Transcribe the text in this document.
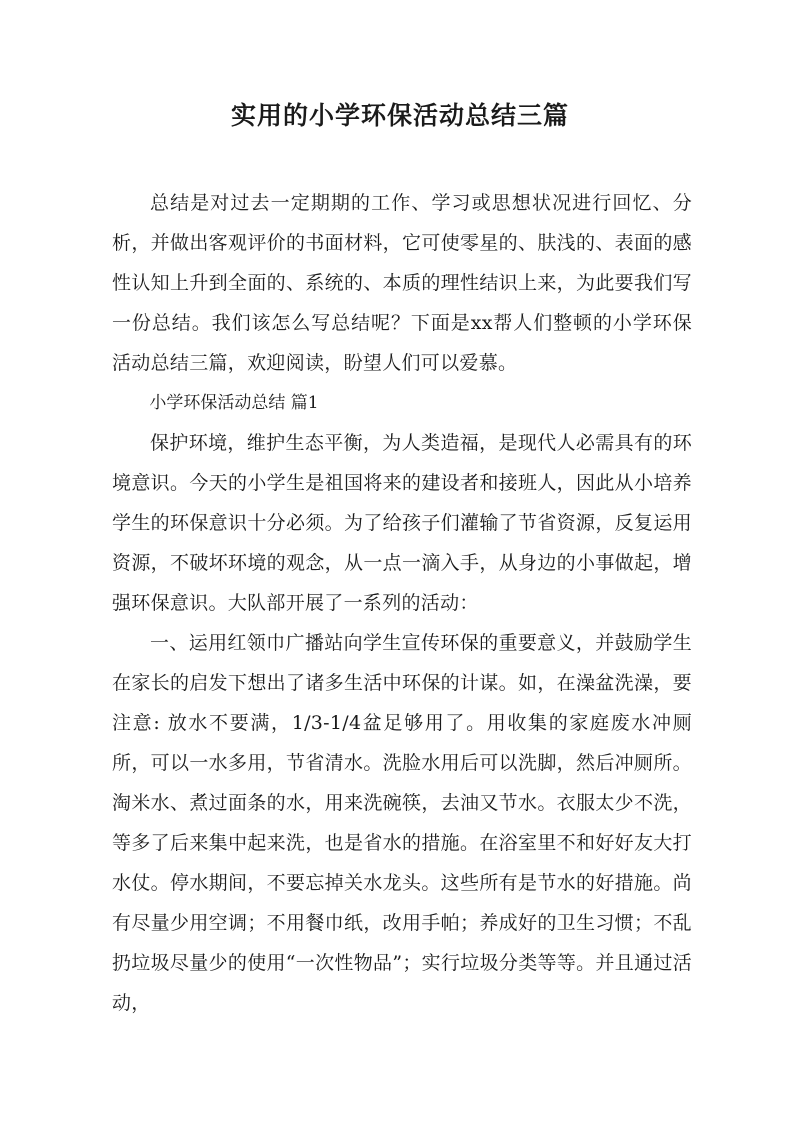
实用的小学环保活动总结三篇

总结是对过去一定期期的工作、学习或思想状况进行回忆、分析，并做出客观评价的书面材料，它可使零星的、肤浅的、表面的感性认知上升到全面的、系统的、本质的理性结识上来，为此要我们写一份总结。我们该怎么写总结呢？下面是xx帮人们整顿的小学环保活动总结三篇，欢迎阅读，盼望人们可以爱慕。

小学环保活动总结 篇1

保护环境，维护生态平衡，为人类造福，是现代人必需具有的环境意识。今天的小学生是祖国将来的建设者和接班人，因此从小培养学生的环保意识十分必须。为了给孩子们灌输了节省资源，反复运用资源，不破坏环境的观念，从一点一滴入手，从身边的小事做起，增强环保意识。大队部开展了一系列的活动：

一、运用红领巾广播站向学生宣传环保的重要意义，并鼓励学生在家长的启发下想出了诸多生活中环保的计谋。如，在澡盆洗澡，要注意: 放水不要满，1/3-1/4盆足够用了。用收集的家庭废水冲厕所，可以一水多用，节省清水。洗脸水用后可以洗脚，然后冲厕所。淘米水、煮过面条的水，用来洗碗筷，去油又节水。衣服太少不洗，等多了后来集中起来洗，也是省水的措施。在浴室里不和好好友大打水仗。停水期间，不要忘掉关水龙头。这些所有是节水的好措施。尚有尽量少用空调；不用餐巾纸，改用手帕；养成好的卫生习惯；不乱扔垃圾尽量少的使用“一次性物品”；实行垃圾分类等等。并且通过活动，
